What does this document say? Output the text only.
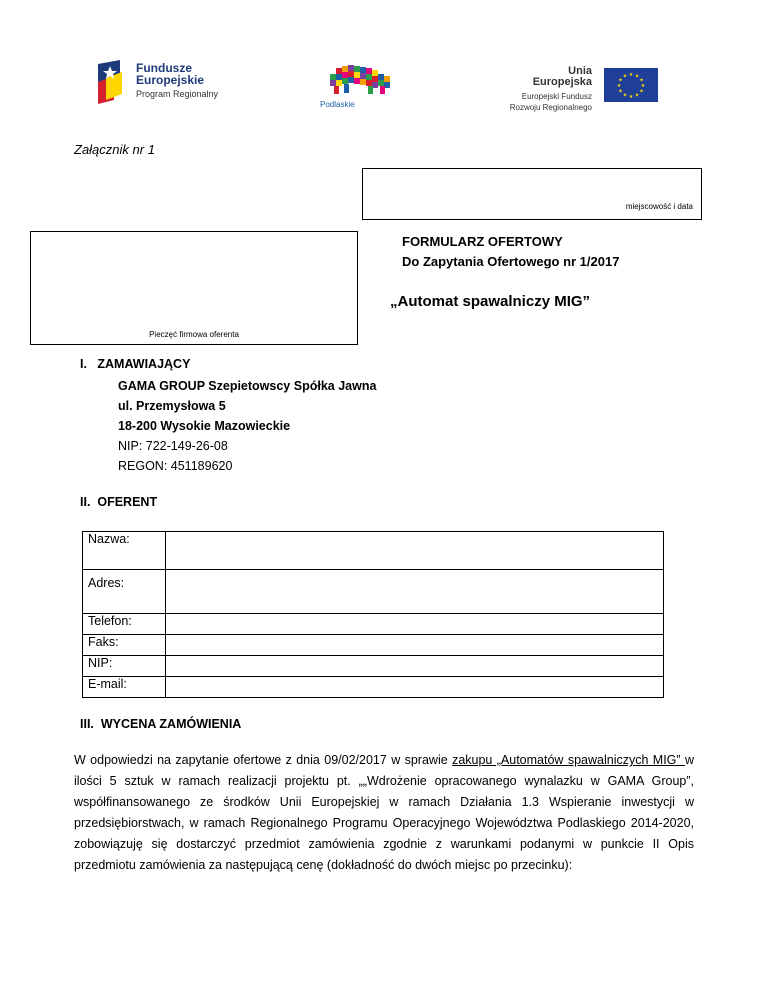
Fundusze
Europejskie
Program Regionalny
Podlaskie
Unia Europejska
Europejski Fundusz
Rozwoju Regionalnego
★ ★
★
★
★
★
★
★
★
★
★
★
Załącznik nr 1
miejscowość i data
Pieczęć firmowa oferenta
FORMULARZ OFERTOWY
Do Zapytania Ofertowego nr 1/2017
„Automat spawalniczy MIG”
I.   ZAMAWIAJĄCY
GAMA GROUP Szepietowscy Spółka Jawna
ul. Przemysłowa 5
18-200 Wysokie Mazowieckie
NIP: 722-149-26-08
REGON: 451189620
II.  OFERENT
Nazwa:	
Adres:	
Telefon:	
Faks:	
NIP:	
E-mail:	
III.  WYCENA ZAMÓWIENIA
W odpowiedzi na zapytanie ofertowe z dnia 09/02/2017 w sprawie zakupu „Automatów spawalniczych MIG” w ilości 5 sztuk w ramach realizacji projektu pt. „„Wdrożenie opracowanego wynalazku w GAMA Group”, współfinansowanego ze środków Unii Europejskiej w ramach Działania 1.3 Wspieranie inwestycji w przedsiębiorstwach, w ramach Regionalnego Programu Operacyjnego Województwa Podlaskiego 2014-2020, zobowiązuję się dostarczyć przedmiot zamówienia zgodnie z warunkami podanymi w punkcie II Opis przedmiotu zamówienia za następującą cenę (dokładność do dwóch miejsc po przecinku):
